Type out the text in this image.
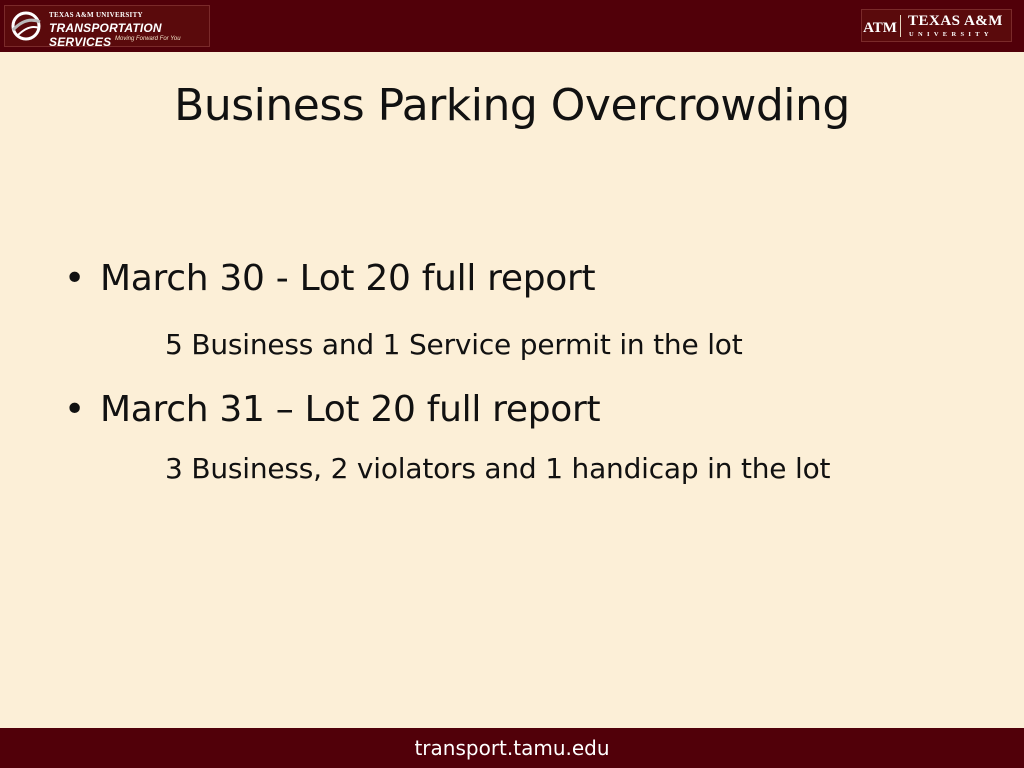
TEXAS A&M UNIVERSITY
TRANSPORTATION SERVICES Moving Forward For You
ATM TEXAS A&M
UNIVERSITY
Business Parking Overcrowding
• March 30 - Lot 20 full report
5 Business and 1 Service permit in the lot
• March 31 – Lot 20 full report
3 Business, 2 violators and 1 handicap in the lot
transport.tamu.edu
